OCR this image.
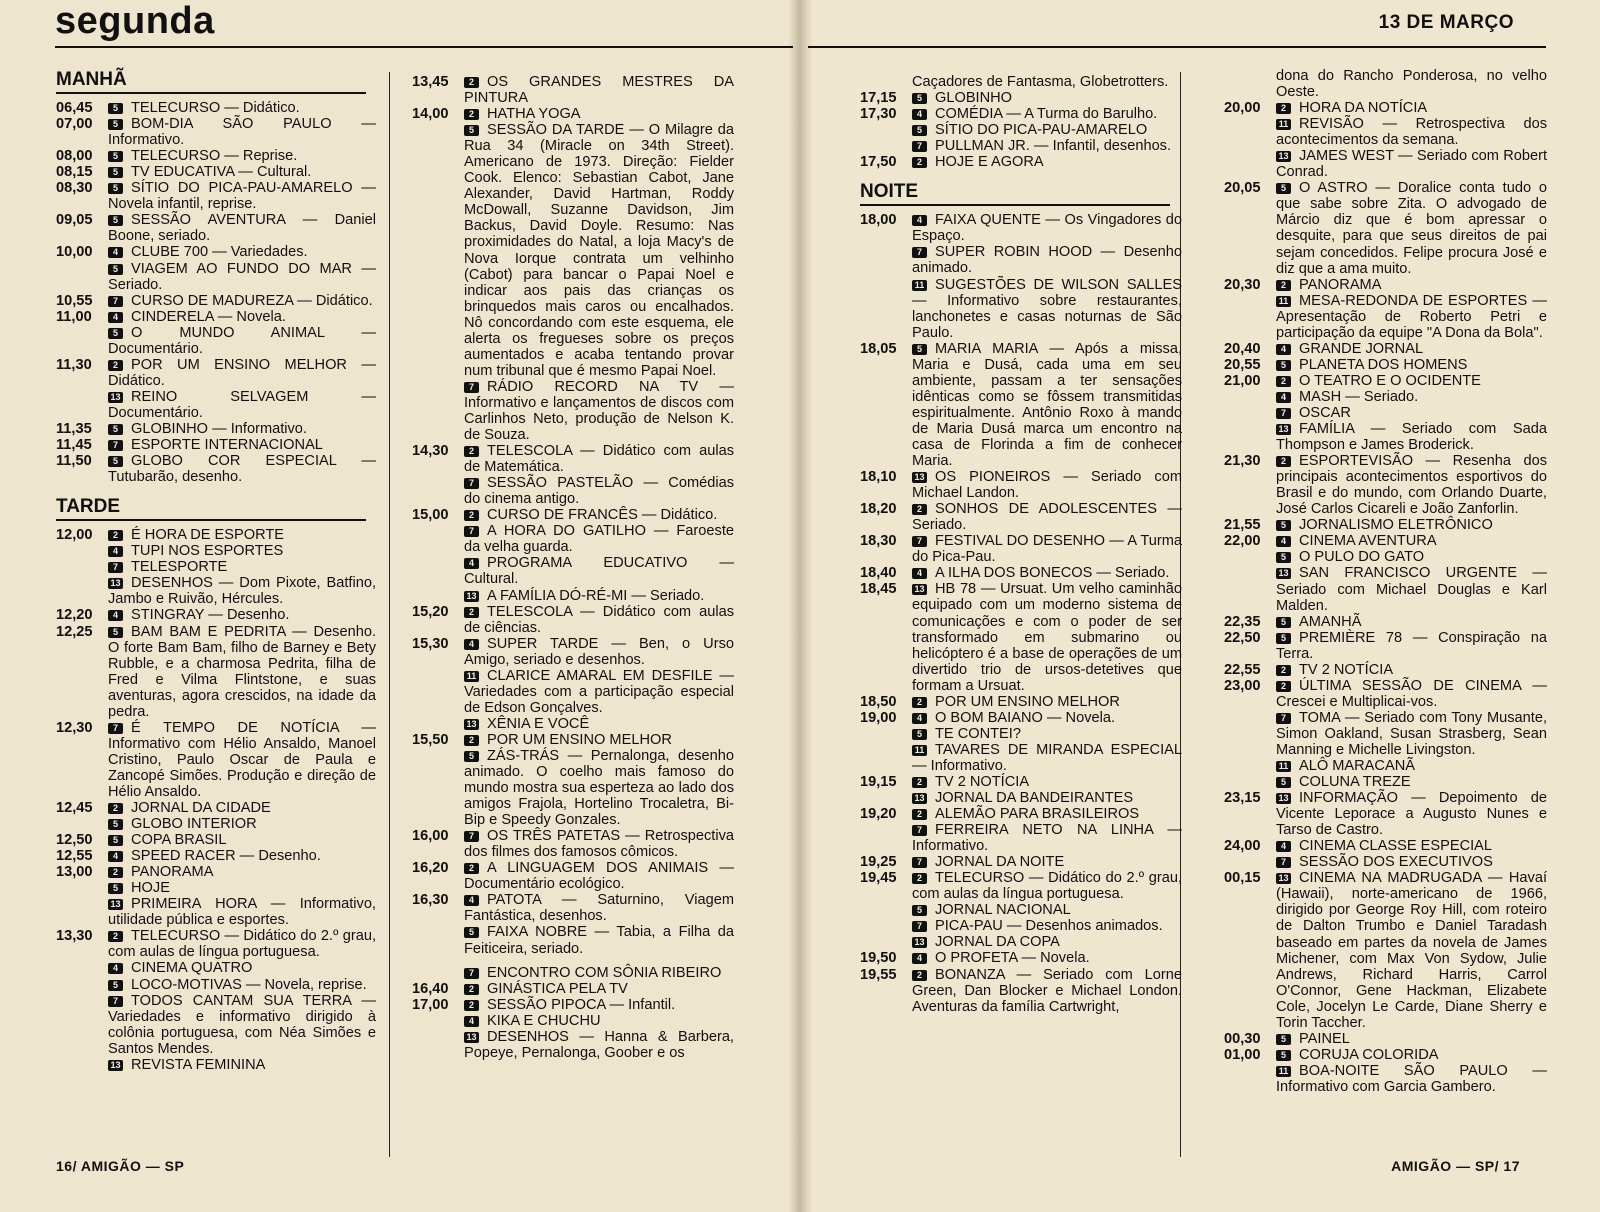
segunda	13 DE MARÇO
MANHÃ
06,45	5 TELECURSO — Didático.
07,00	5 BOM-DIA SÃO PAULO — Informativo.
08,00	5 TELECURSO — Reprise.
08,15	5 TV EDUCATIVA — Cultural.
08,30	5 SÍTIO DO PICA-PAU-AMARELO — Novela infantil, reprise.
09,05	5 SESSÃO AVENTURA — Daniel Boone, seriado.
10,00	4 CLUBE 700 — Variedades.
5 VIAGEM AO FUNDO DO MAR — Seriado.
10,55	7 CURSO DE MADUREZA — Didático.
11,00	4 CINDERELA — Novela.
5 O MUNDO ANIMAL — Documentário.
11,30	2 POR UM ENSINO MELHOR — Didático.
13 REINO SELVAGEM — Documentário.
11,35	5 GLOBINHO — Informativo.
11,45	7 ESPORTE INTERNACIONAL
11,50	5 GLOBO COR ESPECIAL — Tutubarão, desenho.
TARDE
12,00	2 É HORA DE ESPORTE
4 TUPI NOS ESPORTES
7 TELESPORTE
13 DESENHOS — Dom Pixote, Batfino, Jambo e Ruivão, Hércules.
12,20	4 STINGRAY — Desenho.
12,25	5 BAM BAM E PEDRITA — Desenho. O forte Bam Bam, filho de Barney e Bety Rubble, e a charmosa Pedrita, filha de Fred e Vilma Flintstone, e suas aventuras, agora crescidos, na idade da pedra.
12,30	7 É TEMPO DE NOTÍCIA — Informativo com Hélio Ansaldo, Manoel Cristino, Paulo Oscar de Paula e Zancopé Simões. Produção e direção de Hélio Ansaldo.
12,45	2 JORNAL DA CIDADE
5 GLOBO INTERIOR
12,50	5 COPA BRASIL
12,55	4 SPEED RACER — Desenho.
13,00	2 PANORAMA
5 HOJE
13 PRIMEIRA HORA — Informativo, utilidade pública e esportes.
13,30	2 TELECURSO — Didático do 2.º grau, com aulas de língua portuguesa.
4 CINEMA QUATRO
5 LOCO-MOTIVAS — Novela, reprise.
7 TODOS CANTAM SUA TERRA — Variedades e informativo dirigido à colônia portuguesa, com Néa Simões e Santos Mendes.
13 REVISTA FEMININA
13,45	2 OS GRANDES MESTRES DA PINTURA
14,00	2 HATHA YOGA
5 SESSÃO DA TARDE — O Milagre da Rua 34 (Miracle on 34th Street). Americano de 1973. Direção: Fielder Cook. Elenco: Sebastian Cabot, Jane Alexander, David Hartman, Roddy McDowall, Suzanne Davidson, Jim Backus, David Doyle. Resumo: Nas proximidades do Natal, a loja Macy's de Nova Iorque contrata um velhinho (Cabot) para bancar o Papai Noel e indicar aos pais das crianças os brinquedos mais caros ou encalhados. Nô concordando com este esquema, ele alerta os fregueses sobre os preços aumentados e acaba tentando provar num tribunal que é mesmo Papai Noel.
7 RÁDIO RECORD NA TV — Informativo e lançamentos de discos com Carlinhos Neto, produção de Nelson K. de Souza.
14,30	2 TELESCOLA — Didático com aulas de Matemática.
7 SESSÃO PASTELÃO — Comédias do cinema antigo.
15,00	2 CURSO DE FRANCÊS — Didático.
7 A HORA DO GATILHO — Faroeste da velha guarda.
4 PROGRAMA EDUCATIVO — Cultural.
13 A FAMÍLIA DÓ-RÉ-MI — Seriado.
15,20	2 TELESCOLA — Didático com aulas de ciências.
15,30	4 SUPER TARDE — Ben, o Urso Amigo, seriado e desenhos.
11 CLARICE AMARAL EM DESFILE — Variedades com a participação especial de Edson Gonçalves.
13 XÊNIA E VOCÊ
15,50	2 POR UM ENSINO MELHOR
5 ZÁS-TRÁS — Pernalonga, desenho animado. O coelho mais famoso do mundo mostra sua esperteza ao lado dos amigos Frajola, Hortelino Trocaletra, Bi-Bip e Speedy Gonzales.
16,00	7 OS TRÊS PATETAS — Retrospectiva dos filmes dos famosos cômicos.
16,20	2 A LINGUAGEM DOS ANIMAIS — Documentário ecológico.
16,30	4 PATOTA — Saturnino, Viagem Fantástica, desenhos.
5 FAIXA NOBRE — Tabia, a Filha da Feiticeira, seriado.
7 ENCONTRO COM SÔNIA RIBEIRO
16,40	2 GINÁSTICA PELA TV
17,00	2 SESSÃO PIPOCA — Infantil.
4 KIKA E CHUCHU
13 DESENHOS — Hanna & Barbera, Popeye, Pernalonga, Goober e os
Caçadores de Fantasma, Globetrotters.
17,15	5 GLOBINHO
17,30	4 COMÉDIA — A Turma do Barulho.
5 SÍTIO DO PICA-PAU-AMARELO
7 PULLMAN JR. — Infantil, desenhos.
17,50	2 HOJE E AGORA
NOITE
18,00	4 FAIXA QUENTE — Os Vingadores do Espaço.
7 SUPER ROBIN HOOD — Desenho animado.
11 SUGESTÕES DE WILSON SALLES — Informativo sobre restaurantes, lanchonetes e casas noturnas de São Paulo.
18,05	5 MARIA MARIA — Após a missa, Maria e Dusá, cada uma em seu ambiente, passam a ter sensações idênticas como se fôssem transmitidas espiritualmente. Antônio Roxo à mando de Maria Dusá marca um encontro na casa de Florinda a fim de conhecer Maria.
18,10	13 OS PIONEIROS — Seriado com Michael Landon.
18,20	2 SONHOS DE ADOLESCENTES — Seriado.
18,30	7 FESTIVAL DO DESENHO — A Turma do Pica-Pau.
18,40	4 A ILHA DOS BONECOS — Seriado.
18,45	13 HB 78 — Ursuat. Um velho caminhão equipado com um moderno sistema de comunicações e com o poder de ser transformado em submarino ou helicóptero é a base de operações de um divertido trio de ursos-detetives que formam a Ursuat.
18,50	2 POR UM ENSINO MELHOR
19,00	4 O BOM BAIANO — Novela.
5 TE CONTEI?
11 TAVARES DE MIRANDA ESPECIAL — Informativo.
19,15	2 TV 2 NOTÍCIA
13 JORNAL DA BANDEIRANTES
19,20	2 ALEMÃO PARA BRASILEIROS
7 FERREIRA NETO NA LINHA — Informativo.
19,25	7 JORNAL DA NOITE
19,45	2 TELECURSO — Didático do 2.º grau, com aulas da língua portuguesa.
5 JORNAL NACIONAL
7 PICA-PAU — Desenhos animados.
13 JORNAL DA COPA
19,50	4 O PROFETA — Novela.
19,55	2 BONANZA — Seriado com Lorne Green, Dan Blocker e Michael London. Aventuras da família Cartwright,
dona do Rancho Ponderosa, no velho Oeste.
20,00	2 HORA DA NOTÍCIA
11 REVISÃO — Retrospectiva dos acontecimentos da semana.
13 JAMES WEST — Seriado com Robert Conrad.
20,05	5 O ASTRO — Doralice conta tudo o que sabe sobre Zita. O advogado de Márcio diz que é bom apressar o desquite, para que seus direitos de pai sejam concedidos. Felipe procura José e diz que a ama muito.
20,30	2 PANORAMA
11 MESA-REDONDA DE ESPORTES — Apresentação de Roberto Petri e participação da equipe "A Dona da Bola".
20,40	4 GRANDE JORNAL
20,55	5 PLANETA DOS HOMENS
21,00	2 O TEATRO E O OCIDENTE
4 MASH — Seriado.
7 OSCAR
13 FAMÍLIA — Seriado com Sada Thompson e James Broderick.
21,30	2 ESPORTEVISÃO — Resenha dos principais acontecimentos esportivos do Brasil e do mundo, com Orlando Duarte, José Carlos Cicareli e João Zanforlin.
21,55	5 JORNALISMO ELETRÔNICO
22,00	4 CINEMA AVENTURA
5 O PULO DO GATO
13 SAN FRANCISCO URGENTE — Seriado com Michael Douglas e Karl Malden.
22,35	5 AMANHÃ
22,50	5 PREMIÈRE 78 — Conspiração na Terra.
22,55	2 TV 2 NOTÍCIA
23,00	2 ÚLTIMA SESSÃO DE CINEMA — Crescei e Multiplicai-vos.
7 TOMA — Seriado com Tony Musante, Simon Oakland, Susan Strasberg, Sean Manning e Michelle Livingston.
11 ALÔ MARACANÃ
5 COLUNA TREZE
23,15	13 INFORMAÇÃO — Depoimento de Vicente Leporace a Augusto Nunes e Tarso de Castro.
24,00	4 CINEMA CLASSE ESPECIAL
7 SESSÃO DOS EXECUTIVOS
00,15	13 CINEMA NA MADRUGADA — Havaí (Hawaii), norte-americano de 1966, dirigido por George Roy Hill, com roteiro de Dalton Trumbo e Daniel Taradash baseado em partes da novela de James Michener, com Max Von Sydow, Julie Andrews, Richard Harris, Carrol O'Connor, Gene Hackman, Elizabete Cole, Jocelyn Le Carde, Diane Sherry e Torin Taccher.
00,30	5 PAINEL
01,00	5 CORUJA COLORIDA
11 BOA-NOITE SÃO PAULO — Informativo com Garcia Gambero.
16/ AMIGÃO — SP	AMIGÃO — SP/ 17
